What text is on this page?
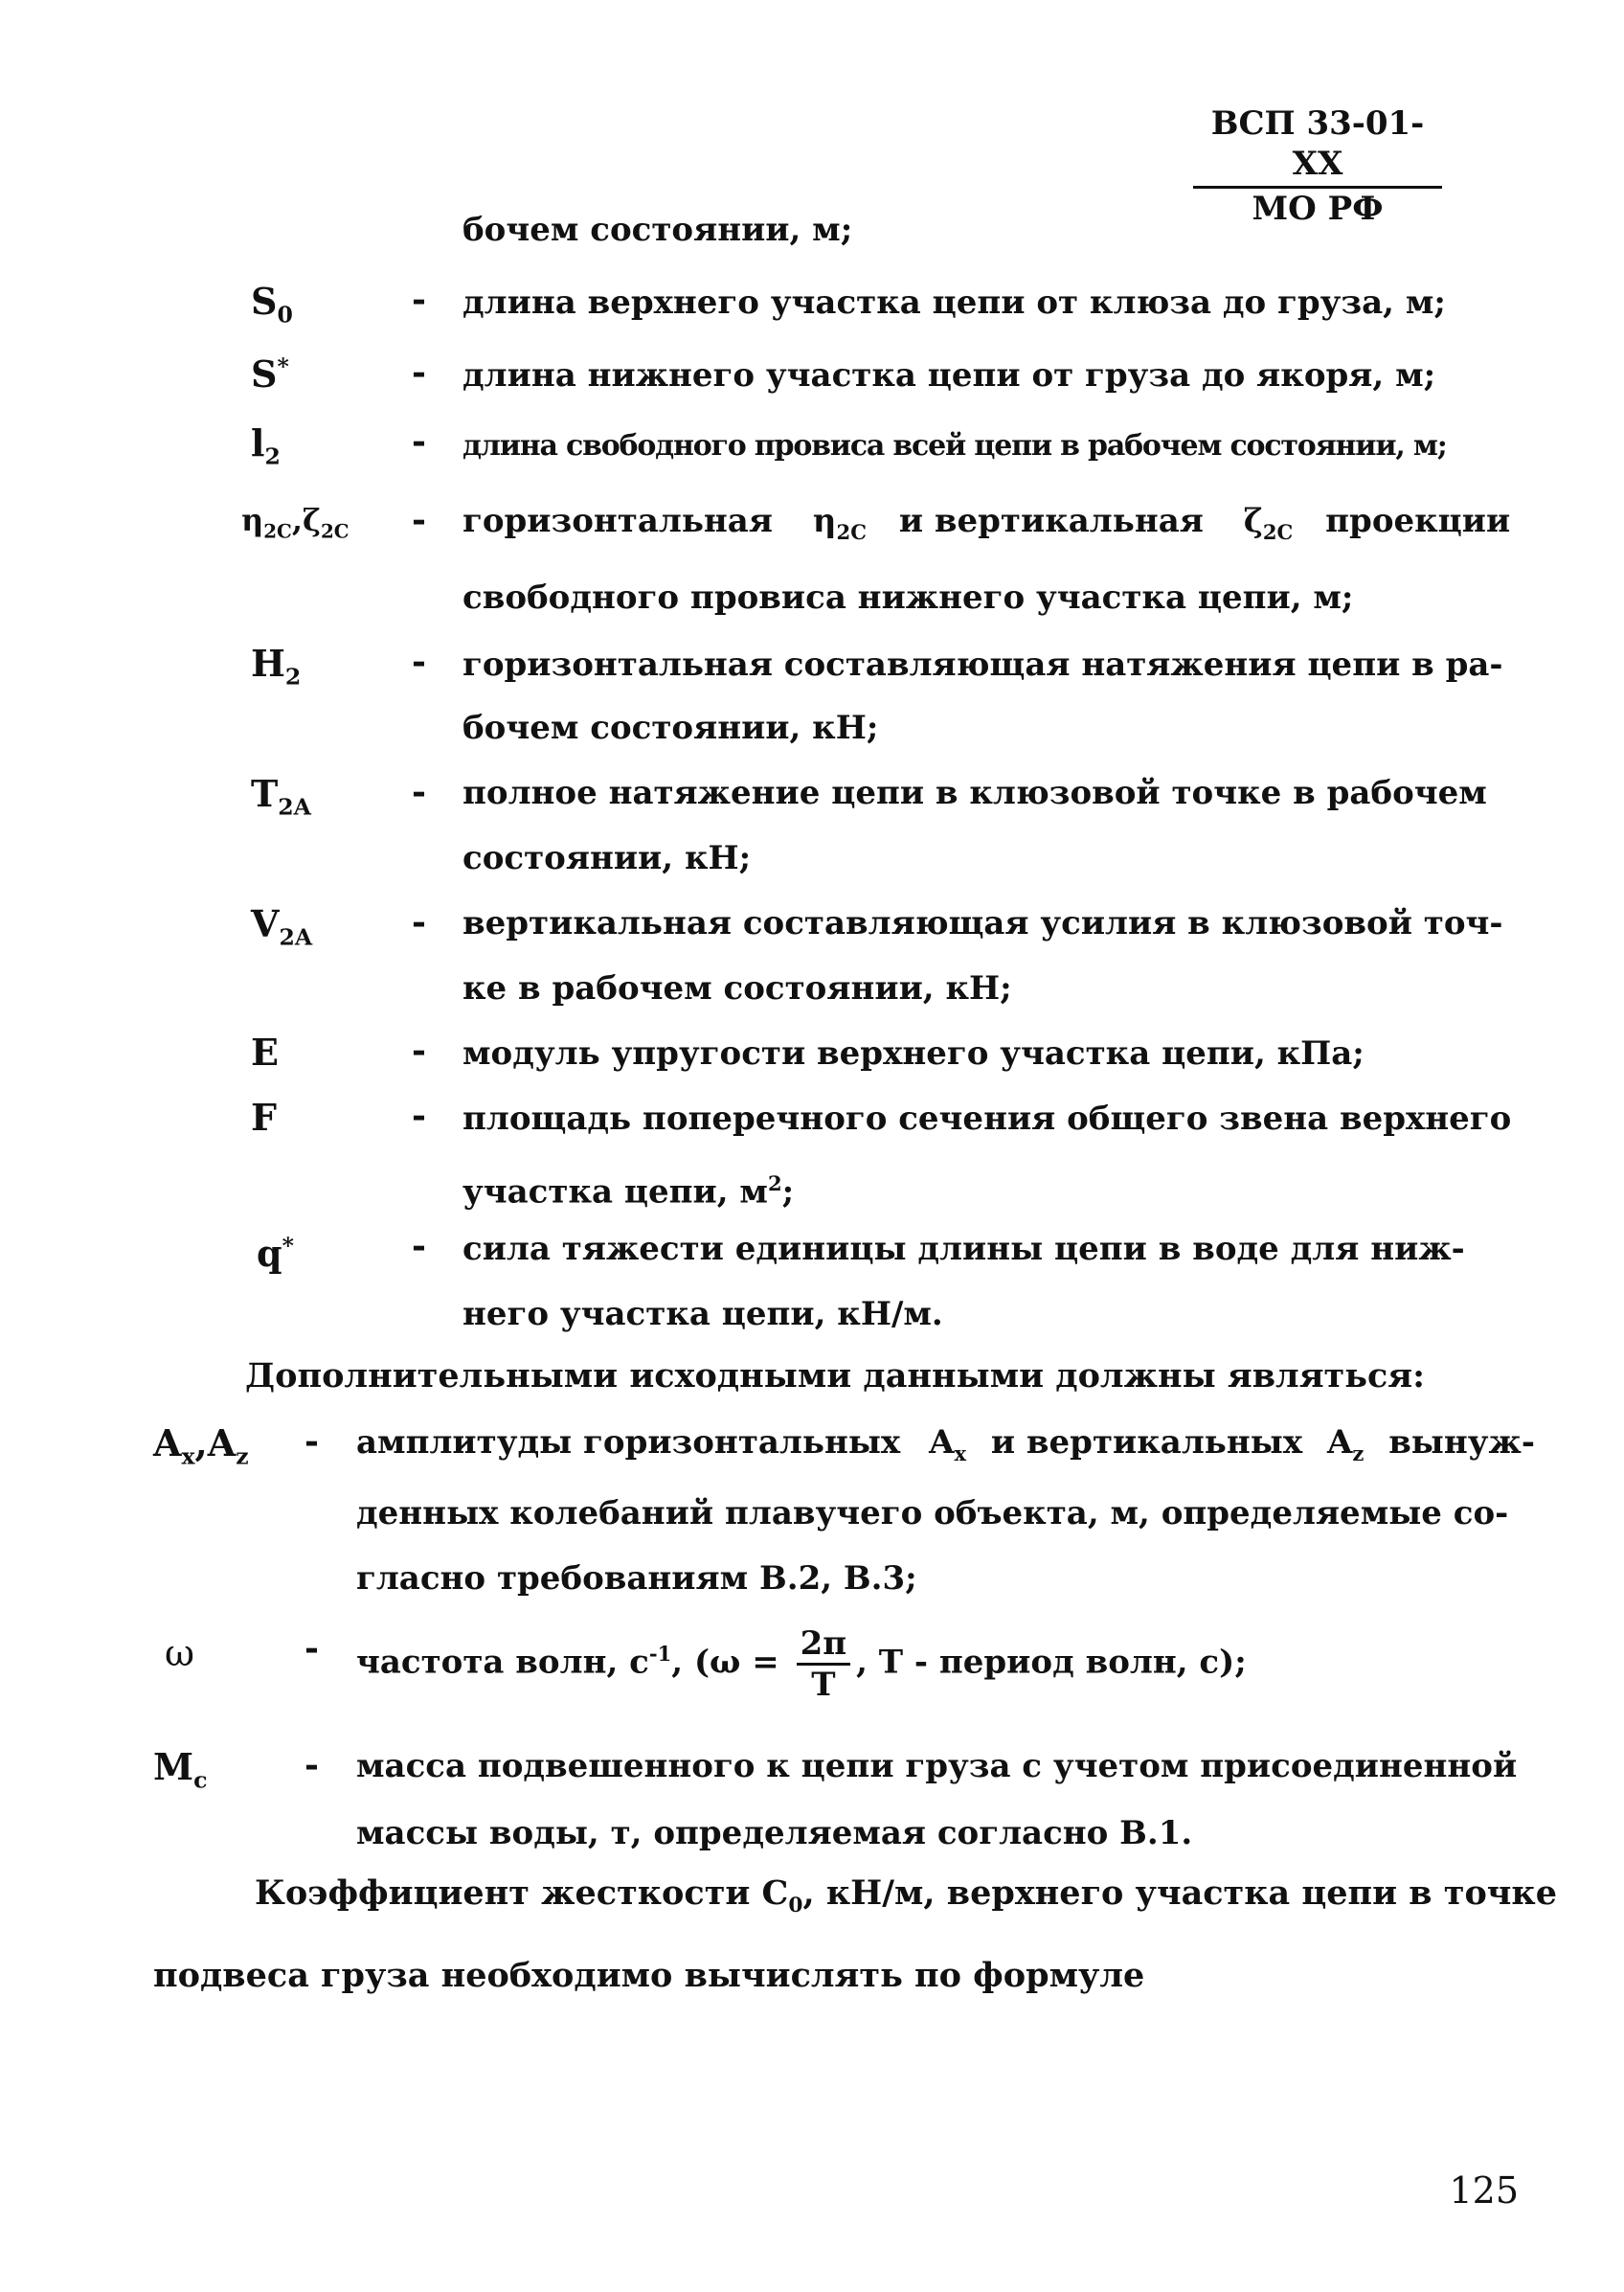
ВСП 33-01-XX
МО РФ
бочем состоянии, м;
$S_0$	- длина верхнего участка цепи от клюза до груза, м;
S*	- длина нижнего участка цепи от груза до якоря, м;
$l_2$	- длина свободного провиса всей цепи в рабочем состоянии, м;
$\eta_{2C},\zeta_{2C}$ - горизонтальная $\eta_{2C}$ и вертикальная $\zeta_{2C}$ проекции
свободного провиса нижнего участка цепи, м;
$H_2$	- горизонтальная составляющая натяжения цепи в ра-
бочем состоянии, кН;
$T_{2A}$	- полное натяжение цепи в клюзовой точке в рабочем
состоянии, кН;
$V_{2A}$	- вертикальная составляющая усилия в клюзовой точ-
ке в рабочем состоянии, кН;
E	- модуль упругости верхнего участка цепи, кПа;
F	- площадь поперечного сечения общего звена верхнего
участка цепи, $м^2$;
q*	- сила тяжести единицы длины цепи в воде для ниж-
него участка цепи, кН/м.
Дополнительными исходными данными должны являться:
$A_x,A_z$ - амплитуды горизонтальных $A_x$ и вертикальных $A_z$ вынуж-
денных колебаний плавучего объекта, м, определяемые со-
гласно требованиям В.2, В.3;
ω	- частота волн, $с^{-1}$, ($\omega = \frac{2\pi}{T}$ , T - период волн, с);
$M_c$	- масса подвешенного к цепи груза с учетом присоединенной
массы воды, т, определяемая согласно В.1.
Коэффициент жесткости $C_0$, кН/м, верхнего участка цепи в точке
подвеса груза необходимо вычислять по формуле
125
